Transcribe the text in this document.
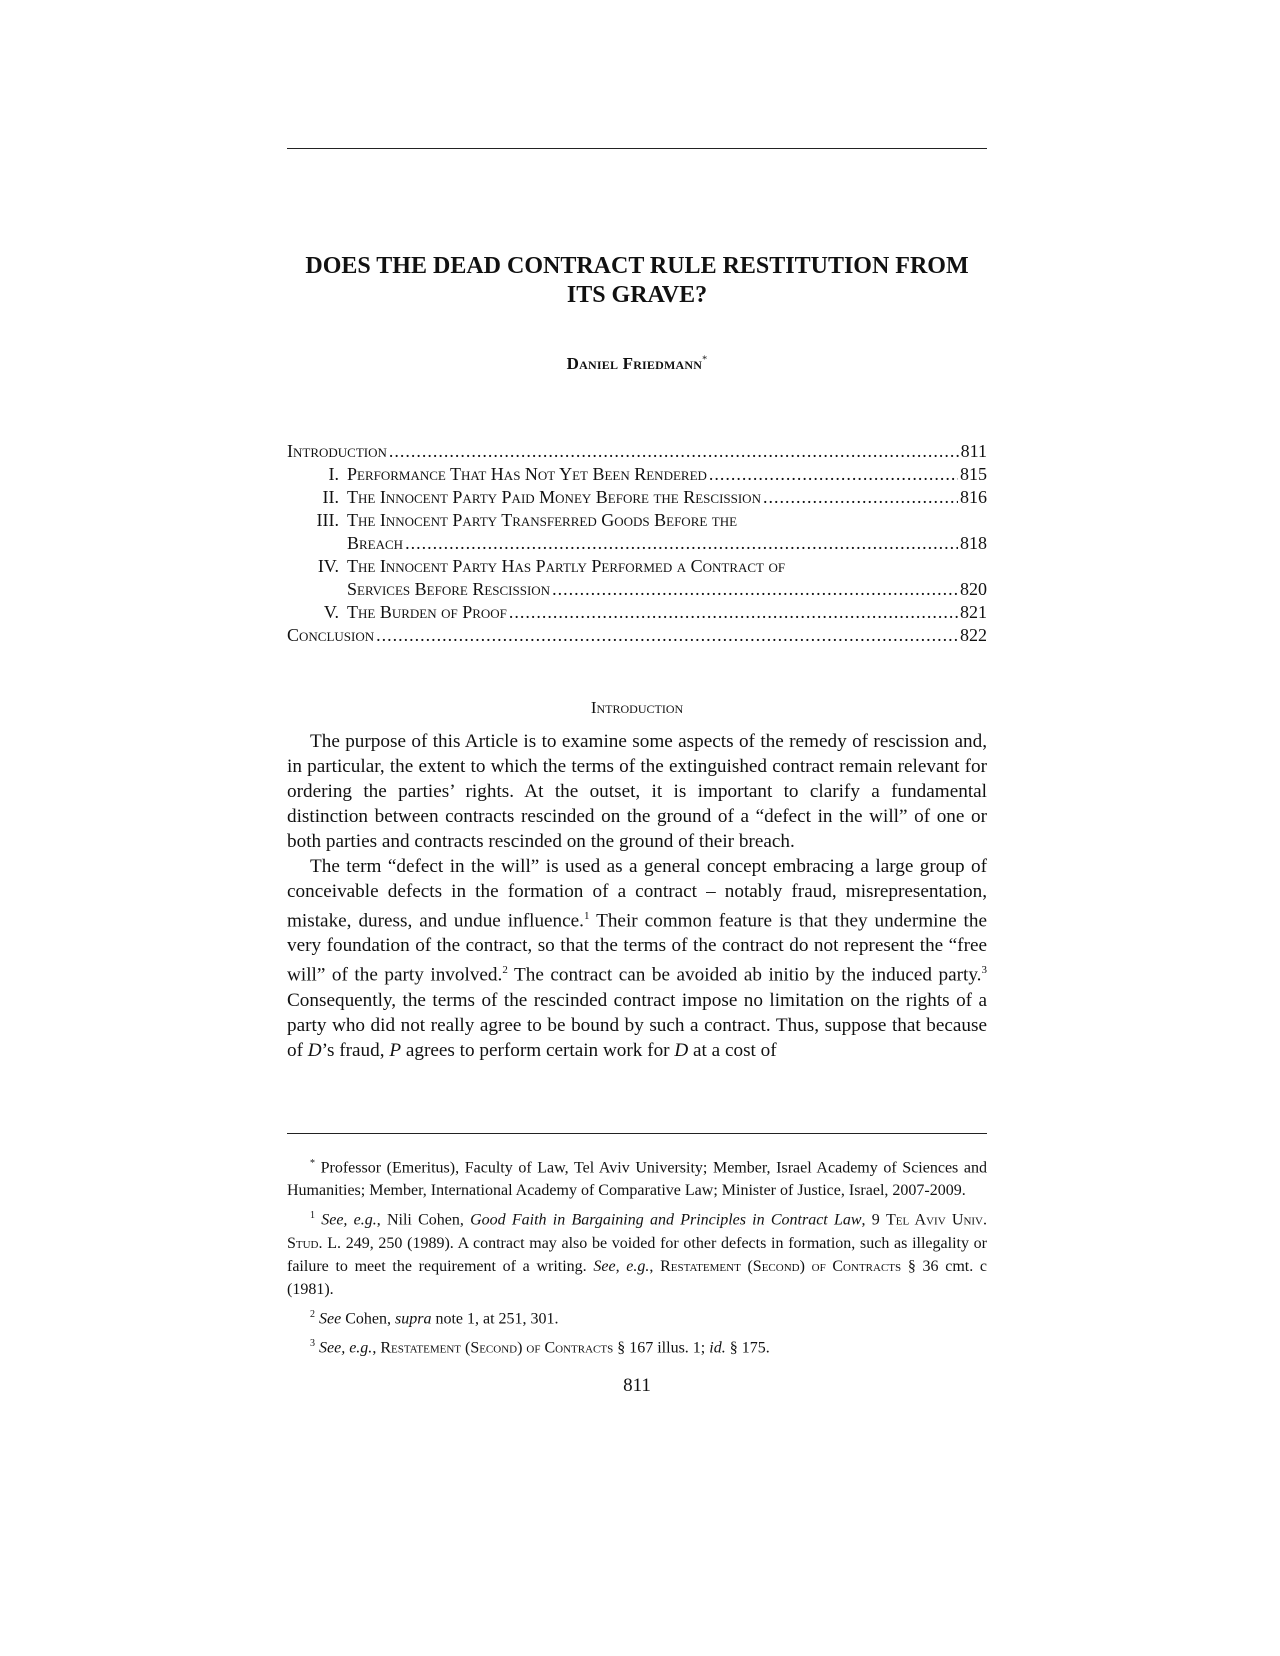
DOES THE DEAD CONTRACT RULE RESTITUTION FROM ITS GRAVE?
Daniel Friedmann*
Introduction .....	811
I. Performance That Has Not Yet Been Rendered .....	815
II. The Innocent Party Paid Money Before the Rescission .....	816
III. The Innocent Party Transferred Goods Before the
Breach .....	818
IV. The Innocent Party Has Partly Performed a Contract of
Services Before Rescission .....	820
V. The Burden of Proof .....	821
Conclusion .....	822
Introduction

The purpose of this Article is to examine some aspects of the remedy of rescission and, in particular, the extent to which the terms of the extinguished contract remain relevant for ordering the parties’ rights. At the outset, it is important to clarify a fundamental distinction between contracts rescinded on the ground of a “defect in the will” of one or both parties and contracts rescinded on the ground of their breach.

The term “defect in the will” is used as a general concept embracing a large group of conceivable defects in the formation of a contract – notably fraud, misrepresentation, mistake, duress, and undue influence.$^1$ Their common feature is that they undermine the very foundation of the contract, so that the terms of the contract do not represent the “free will” of the party involved.$^2$ The contract can be avoided ab initio by the induced party.$^3$ Consequently, the terms of the rescinded contract impose no limitation on the rights of a party who did not really agree to be bound by such a contract. Thus, suppose that because of D’s fraud, P agrees to perform certain work for D at a cost of

* Professor (Emeritus), Faculty of Law, Tel Aviv University; Member, Israel Academy of Sciences and Humanities; Member, International Academy of Comparative Law; Minister of Justice, Israel, 2007-2009.

$^1$ See, e.g., Nili Cohen, Good Faith in Bargaining and Principles in Contract Law, 9 Tel Aviv Univ. Stud. L. 249, 250 (1989). A contract may also be voided for other defects in formation, such as illegality or failure to meet the requirement of a writing. See, e.g., Restatement (Second) of Contracts § 36 cmt. c (1981).

$^2$ See Cohen, supra note 1, at 251, 301.

$^3$ See, e.g., Restatement (Second) of Contracts § 167 illus. 1; id. § 175.

811
